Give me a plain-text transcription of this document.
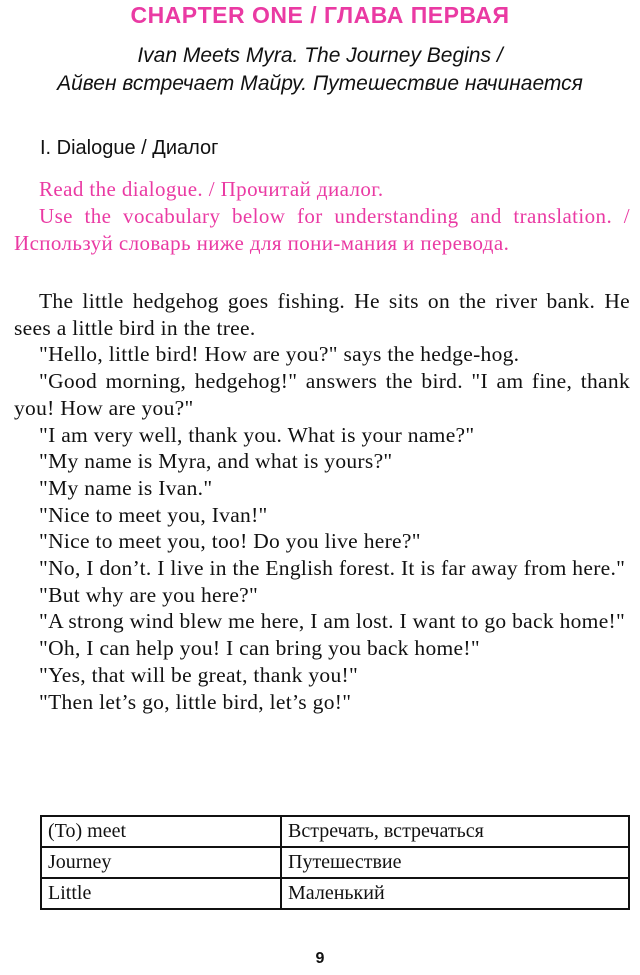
CHAPTER ONE / ГЛАВА ПЕРВАЯ
Ivan Meets Myra. The Journey Begins /
Айвен встречает Майру. Путешествие начинается
I. Dialogue / Диалог
Read the dialogue. / Прочитай диалог.

Use the vocabulary below for understanding and translation. / Используй словарь ниже для пони-мания и перевода.

The little hedgehog goes fishing. He sits on the river bank. He sees a little bird in the tree.

"Hello, little bird! How are you?" says the hedge-hog.

"Good morning, hedgehog!" answers the bird. "I am fine, thank you! How are you?"

"I am very well, thank you. What is your name?"

"My name is Myra, and what is yours?"

"My name is Ivan."

"Nice to meet you, Ivan!"

"Nice to meet you, too! Do you live here?"

"No, I don’t. I live in the English forest. It is far away from here."

"But why are you here?"

"A strong wind blew me here, I am lost. I want to go back home!"

"Oh, I can help you! I can bring you back home!"

"Yes, that will be great, thank you!"

"Then let’s go, little bird, let’s go!"

(To) meet	Встречать, встречаться
Journey	Путешествие
Little	Маленький
9
